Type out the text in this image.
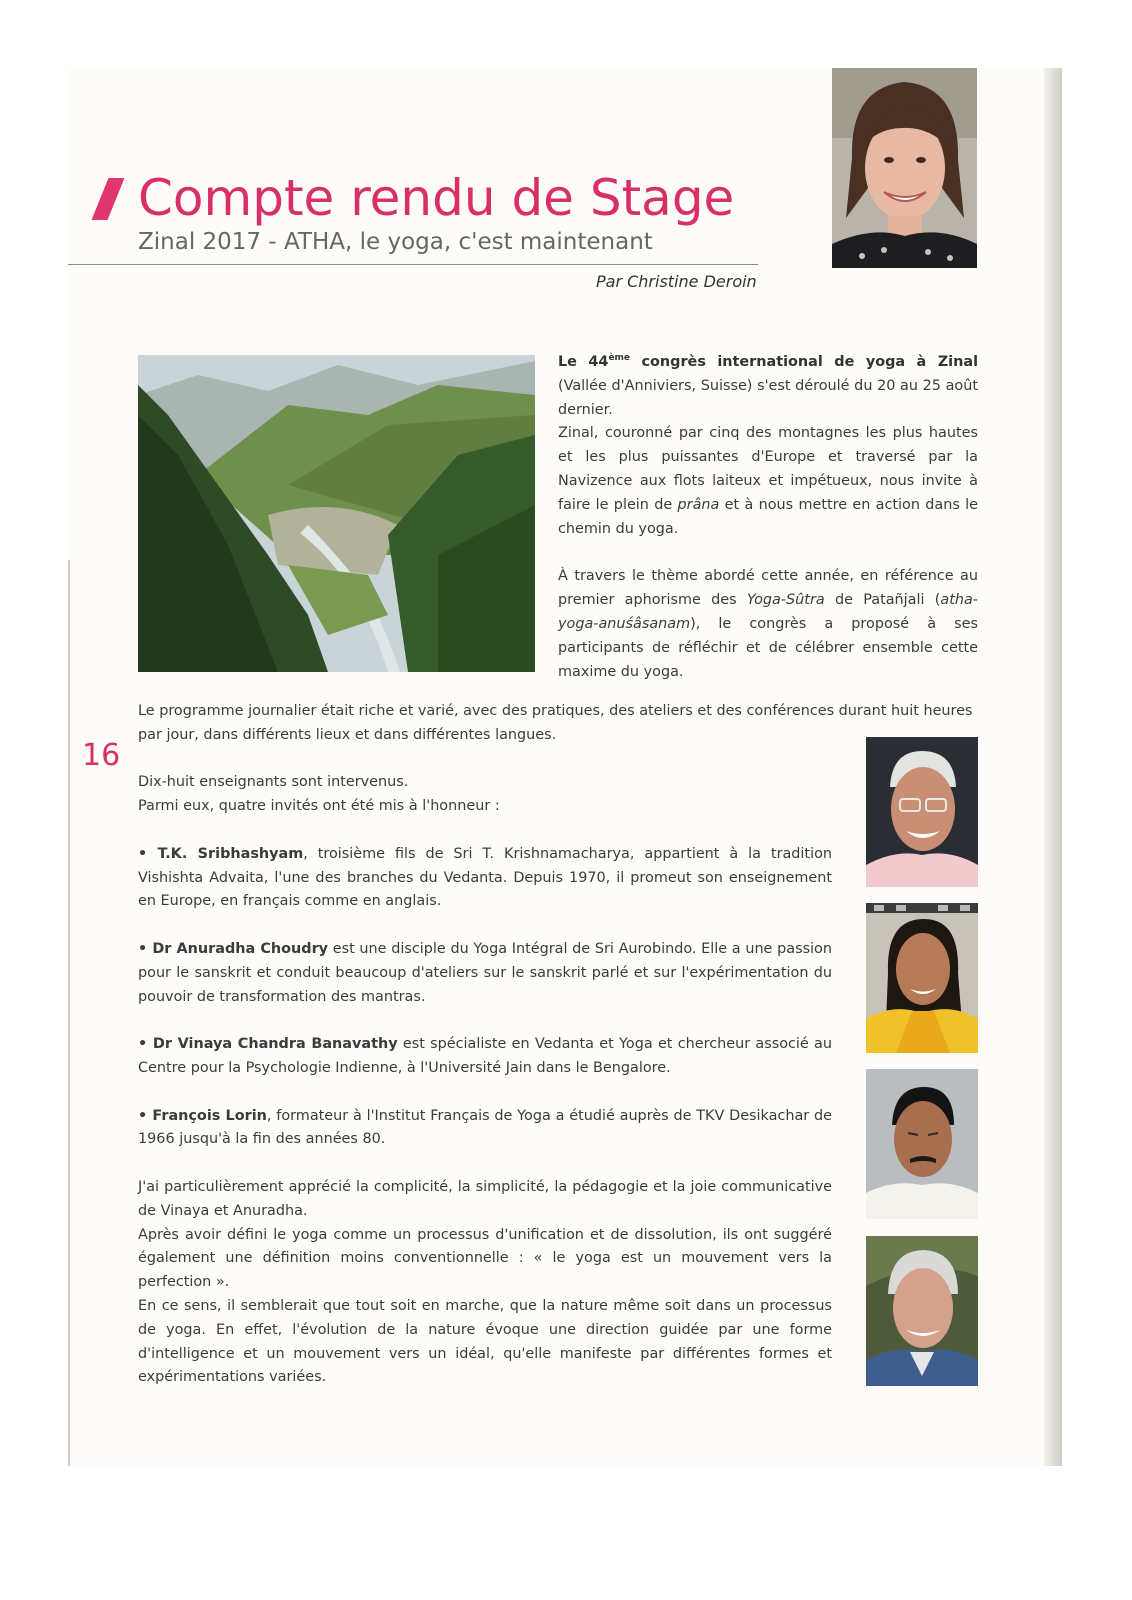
Compte rendu de Stage
Zinal 2017 - ATHA, le yoga, c'est maintenant
Par Christine Deroin
16

Le 44ème congrès international de yoga à Zinal (Vallée d'Anniviers, Suisse) s'est déroulé du 20 au 25 août dernier.
Zinal, couronné par cinq des montagnes les plus hautes et les plus puissantes d'Europe et traversé par la Navizence aux flots laiteux et impétueux, nous invite à faire le plein de prâna et à nous mettre en action dans le chemin du yoga.

À travers le thème abordé cette année, en référence au premier aphorisme des Yoga-Sûtra de Patañjali (atha-yoga-anuśâsanam), le congrès a proposé à ses participants de réfléchir et de célébrer ensemble cette maxime du yoga.

Le programme journalier était riche et varié, avec des pratiques, des ateliers et des conférences durant huit heures par jour, dans différents lieux et dans différentes langues.

Dix-huit enseignants sont intervenus.

Parmi eux, quatre invités ont été mis à l'honneur :

• T.K. Sribhashyam, troisième fils de Sri T. Krishnamacharya, appartient à la tradition Vishishta Advaita, l'une des branches du Vedanta. Depuis 1970, il promeut son enseignement en Europe, en français comme en anglais.

• Dr Anuradha Choudry est une disciple du Yoga Intégral de Sri Aurobindo. Elle a une passion pour le sanskrit et conduit beaucoup d'ateliers sur le sanskrit parlé et sur l'expérimentation du pouvoir de transformation des mantras.

• Dr Vinaya Chandra Banavathy est spécialiste en Vedanta et Yoga et chercheur associé au Centre pour la Psychologie Indienne, à l'Université Jain dans le Bengalore.

• François Lorin, formateur à l'Institut Français de Yoga a étudié auprès de TKV Desikachar de 1966 jusqu'à la fin des années 80.

J'ai particulièrement apprécié la complicité, la simplicité, la pédagogie et la joie communicative de Vinaya et Anuradha.

Après avoir défini le yoga comme un processus d'unification et de dissolution, ils ont suggéré également une définition moins conventionnelle : « le yoga est un mouvement vers la perfection ».

En ce sens, il semblerait que tout soit en marche, que la nature même soit dans un processus de yoga. En effet, l'évolution de la nature évoque une direction guidée par une forme d'intelligence et un mouvement vers un idéal, qu'elle manifeste par différentes formes et expérimentations variées.
